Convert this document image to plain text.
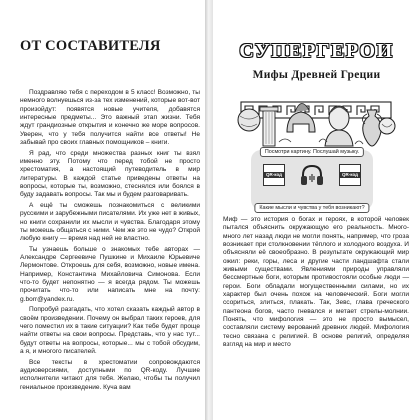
ОТ СОСТАВИТЕЛЯ

Поздравляю тебя с переходом в 5 класс! Возможно, ты немного волнуешься из-за тех изменений, которые вот-вот произойдут: появятся новые учителя, добавятся интересные предметы... Это важный этап жизни. Тебя ждут грандиозные открытия и конечно же море вопросов. Уверен, что у тебя получится найти все ответы! Не забывай про своих главных помощников – книги.

Я рад, что среди множества разных книг ты взял именно эту. Потому что перед тобой не просто хрестоматия, а настоящий путеводитель в мир литературы. В каждой статье приведены ответы на вопросы, которые ты, возможно, стеснялся или боялся в буду задавать вопросы. Так мы и будем разговаривать.

А ещё ты сможешь познакомиться с великими русскими и зарубежными писателями. Их уже нет в живых, но книги сохранили их мысли и чувства. Благодаря этому ты можешь общаться с ними. Чем же это не чудо? Открой любую книгу — время над ней не властно.

Ты узнаешь больше о знакомых тебе авторах — Александре Сергеевиче Пушкине и Михаиле Юрьевиче Лермонтове. Откроешь для себя, возможно, новые имена. Например, Константина Михайловича Симонова. Если что-то будет непонятно — я всегда рядом. Ты можешь прочитать что-то или написать мне на почту: g.borr@yandex.ru.

Попробуй разгадать, что хотел сказать каждый автор в своём произведении. Почему он выбрал таких героев, для чего поместил их в такие ситуации? Как тебе будет проще найти ответы на свои вопросы. Представь, что у нас тут... будут ответы на вопросы, которые... мы с тобой обсудим, а я, и многого писателей.

Все тексты в хрестоматии сопровождаются аудиоверсиями, доступными по QR-коду. Лучшие исполнители читают для тебя. Желаю, чтобы ты получил гениальное произведение. Куча вам

СУПЕРГЕРОИ
Мифы Древней Греции
Посмотри картину. Послушай музыку.
QR-код	QR-код
Какие мысли и чувства у тебя возникают?

Миф — это история о богах и героях, в которой человек пытался объяснить окружающую его реальность. Много-много лет назад люди не могли понять, например, что гроза возникает при столкновении тёплого и холодного воздуха. И объясняли её своеобразно. В результате окружающий мир ожил: реки, горы, леса и другие части ландшафта стали живыми существами. Явлениями природы управляли бессмертные боги, которым противостояли особые люди — герои. Боги обладали могущественными силами, но их характер был очень похож на человеческий. Боги могли ссориться, злиться, плакать. Так, Зевс, глава греческого пантеона богов, часто гневался и метает стрелы-молнии. Понять, что мифология — это не просто вымысел, составляли систему верований древних людей. Мифология тесно связана с религией. В основе религий, определяя взгляд на мир и место
